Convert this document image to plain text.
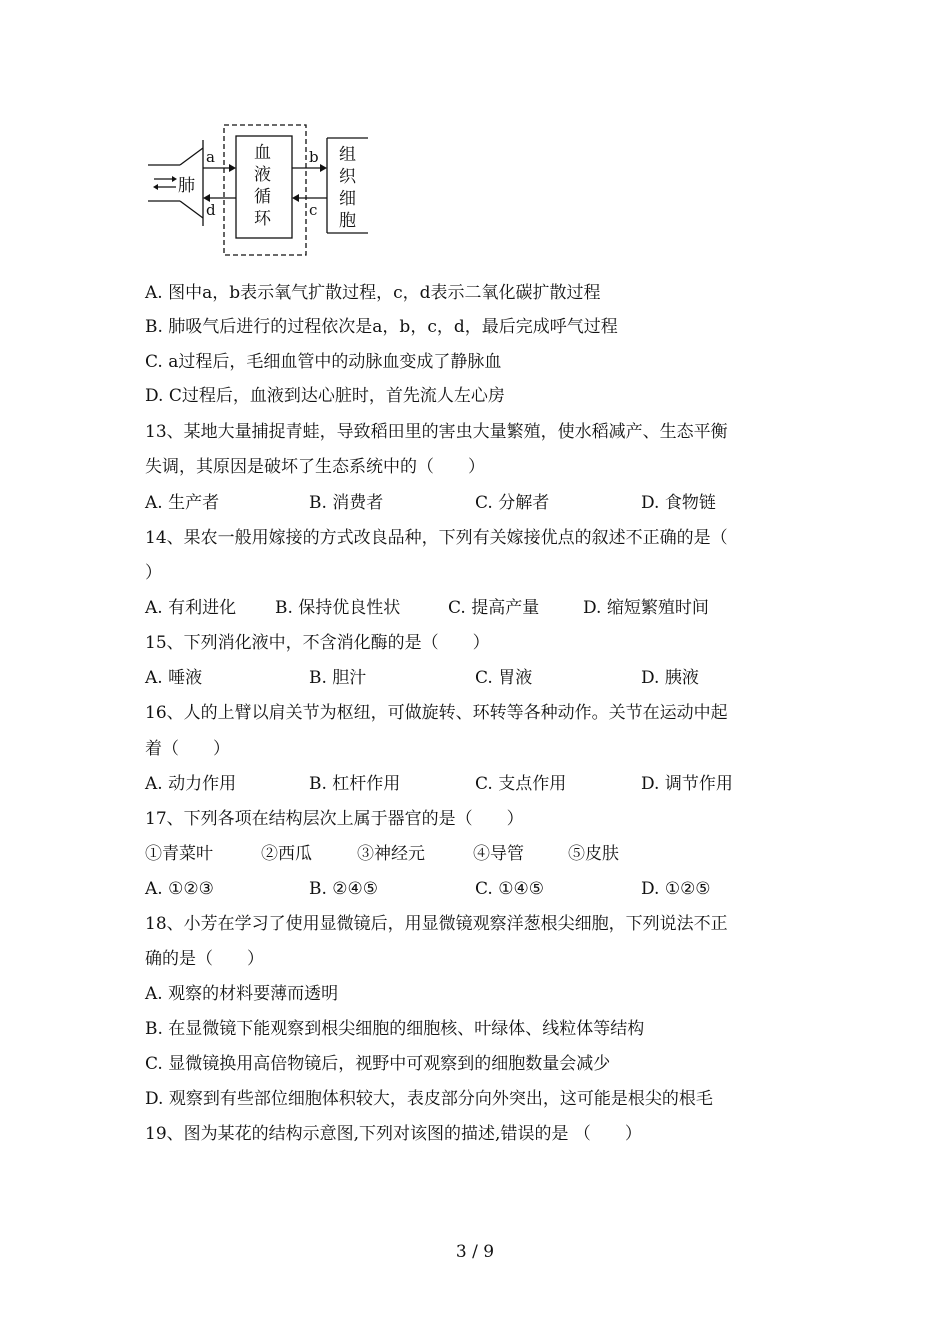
肺
血
液
循
环
a
d
组
织
细
胞
b
c
A. 图中a，b表示氧气扩散过程，c，d表示二氧化碳扩散过程
B. 肺吸气后进行的过程依次是a，b，c，d，最后完成呼气过程
C. a过程后，毛细血管中的动脉血变成了静脉血
D. C过程后，血液到达心脏时，首先流人左心房
13、某地大量捕捉青蛙，导致稻田里的害虫大量繁殖，使水稻减产、生态平衡
失调，其原因是破坏了生态系统中的（　　）
A. 生产者	B. 消费者	C. 分解者	D. 食物链
14、果农一般用嫁接的方式改良品种，下列有关嫁接优点的叙述不正确的是（
）
A. 有利进化 B. 保持优良性状	C. 提高产量	D. 缩短繁殖时间
15、下列消化液中，不含消化酶的是（　　）
A. 唾液	B. 胆汁	C. 胃液	D. 胰液
16、人的上臂以肩关节为枢纽，可做旋转、环转等各种动作。关节在运动中起
着（　　）
A. 动力作用	B. 杠杆作用	C. 支点作用	D. 调节作用
17、下列各项在结构层次上属于器官的是（　　）
①青菜叶	②西瓜	③神经元	④导管	⑤皮肤
A. ①②③	B. ②④⑤	C. ①④⑤	D. ①②⑤
18、小芳在学习了使用显微镜后，用显微镜观察洋葱根尖细胞，下列说法不正
确的是（　　）
A. 观察的材料要薄而透明
B. 在显微镜下能观察到根尖细胞的细胞核、叶绿体、线粒体等结构
C. 显微镜换用高倍物镜后，视野中可观察到的细胞数量会减少
D. 观察到有些部位细胞体积较大，表皮部分向外突出，这可能是根尖的根毛
19、图为某花的结构示意图,下列对该图的描述,错误的是 （　　）
3 / 9
